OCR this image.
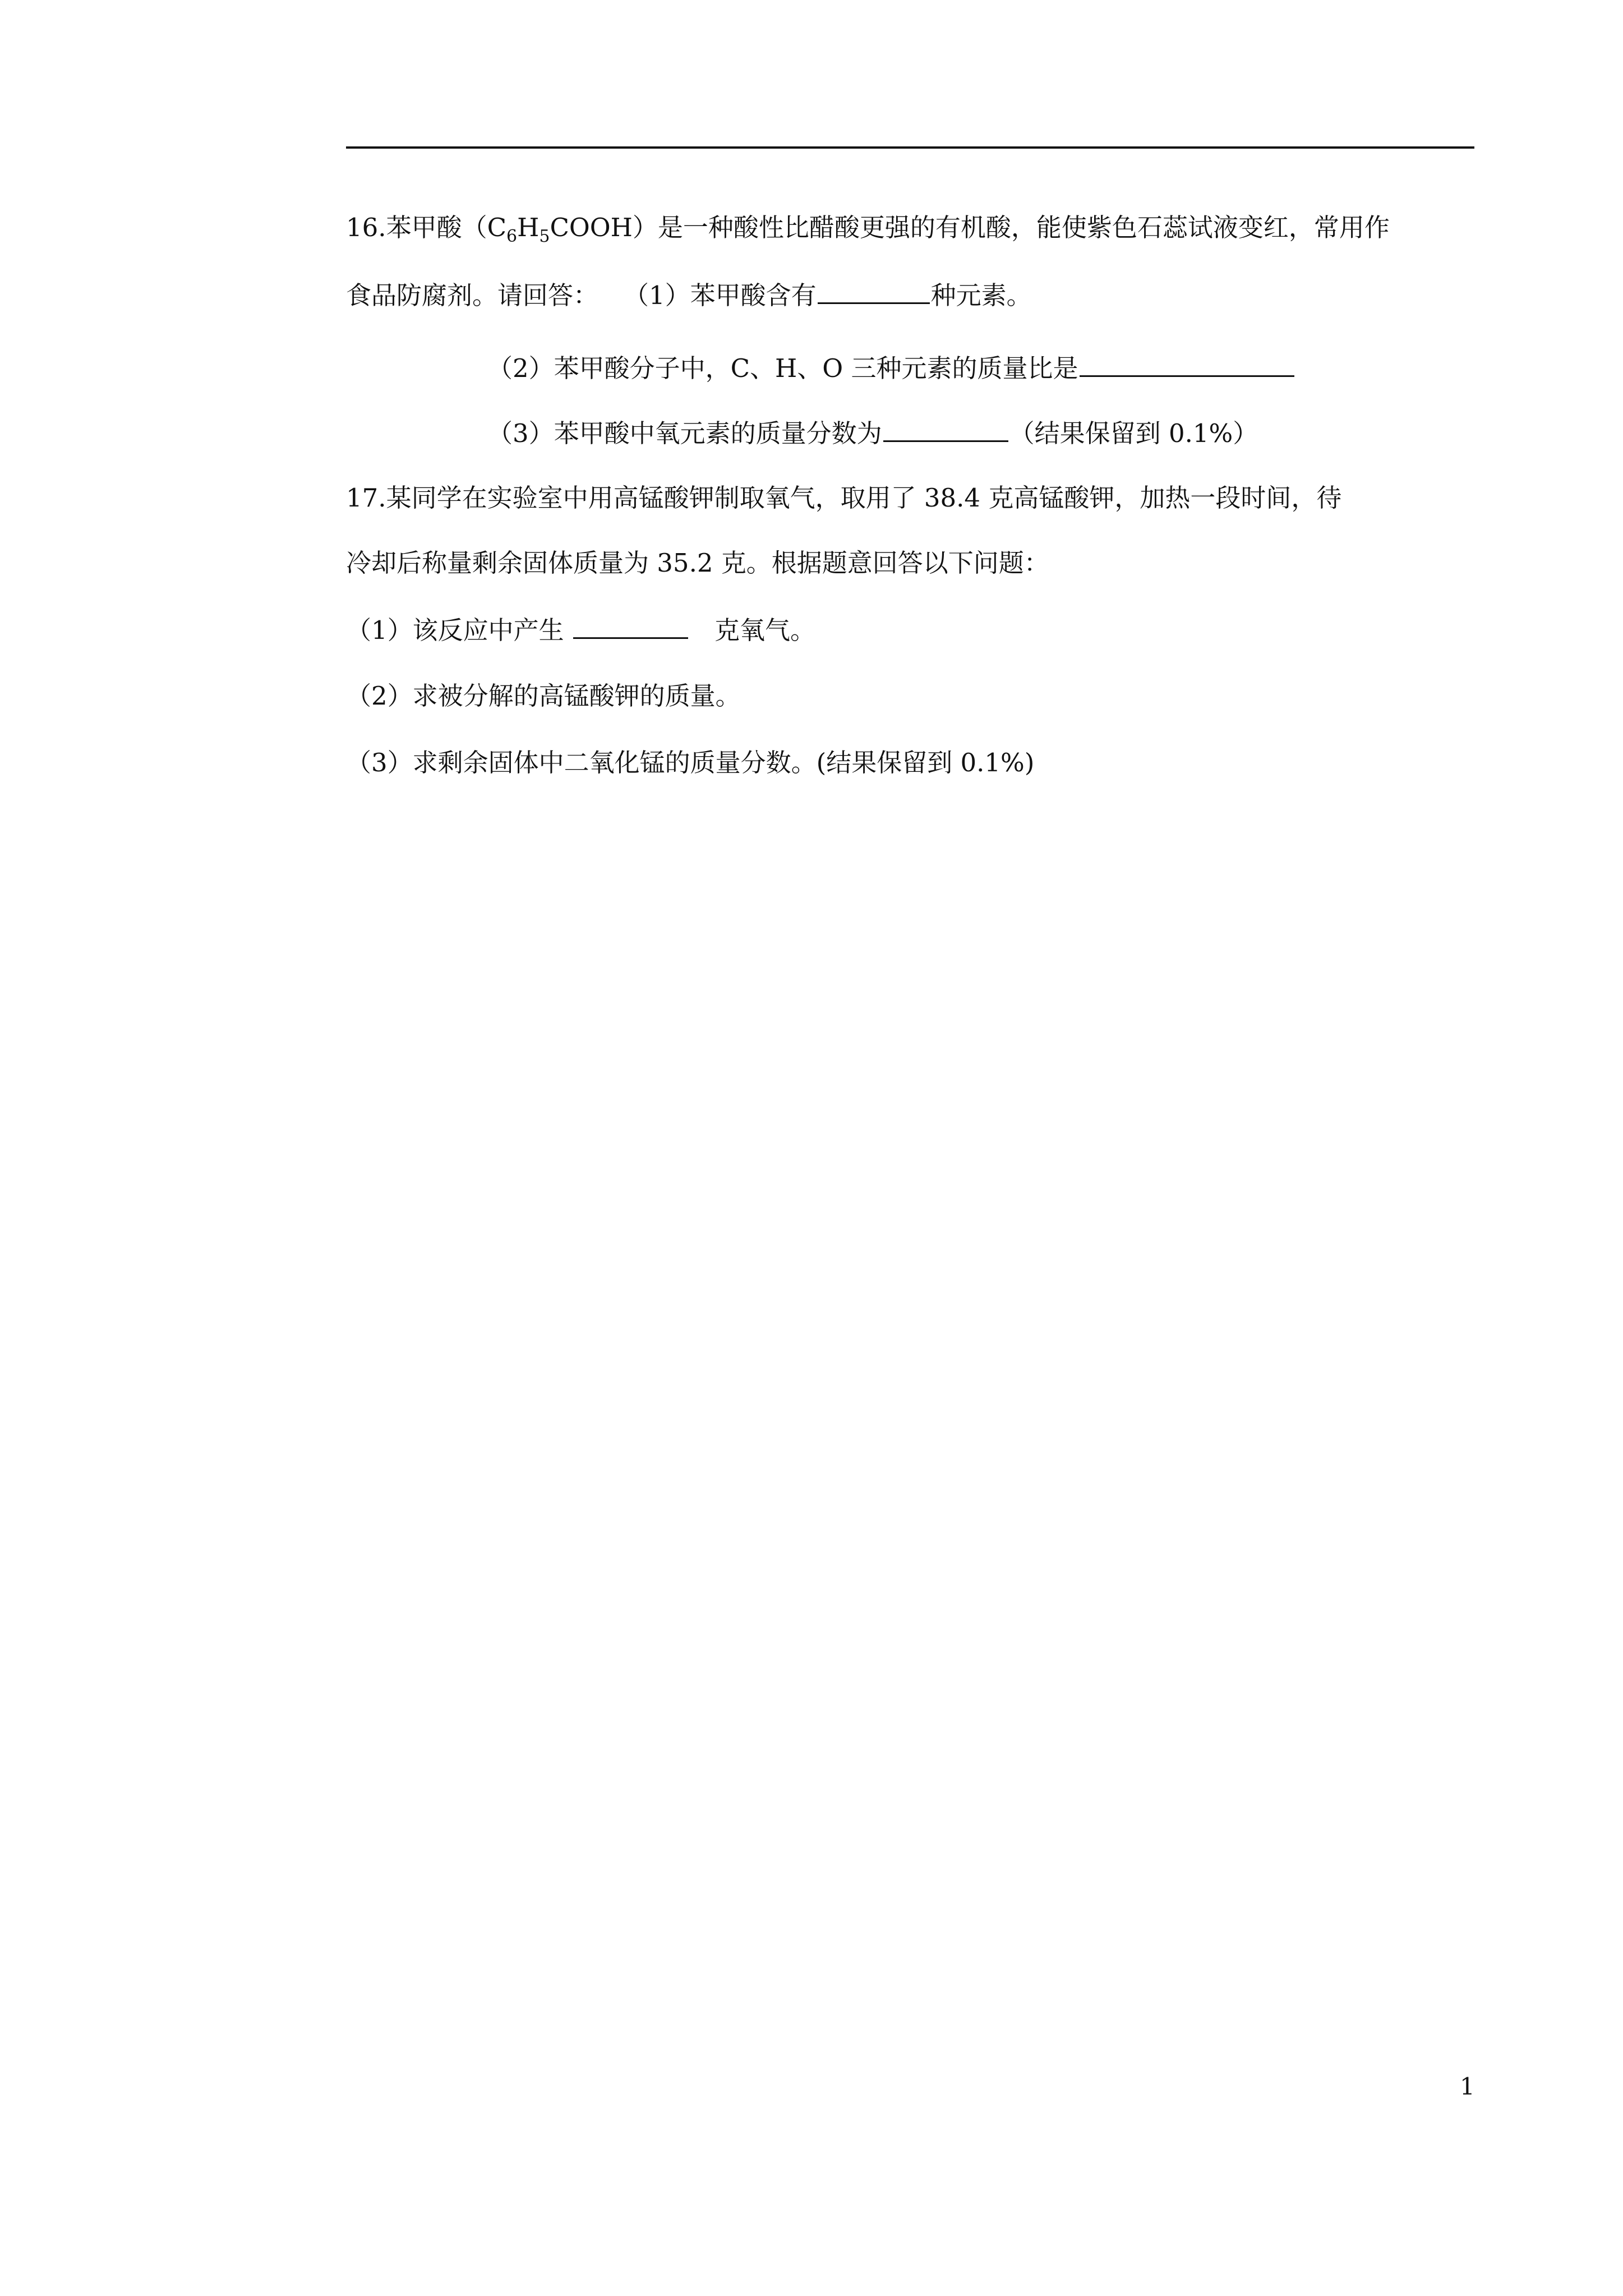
16.苯甲酸$(C_6H_5COOH)$是一种酸性比醋酸更强的有机酸，能使紫色石蕊试液变红，常用作
食品防腐剂。请回答：　　（1）苯甲酸含有	种元素。
（2）苯甲酸分子中，C、H、O 三种元素的质量比是
（3）苯甲酸中氧元素的质量分数为	（结果保留到 0.1%）
17.某同学在实验室中用高锰酸钾制取氧气，取用了 38.4 克高锰酸钾，加热一段时间，待
冷却后称量剩余固体质量为 35.2 克。根据题意回答以下问题：
（1）该反应中产生	　克氧气。
（2）求被分解的高锰酸钾的质量。
（3）求剩余固体中二氧化锰的质量分数。(结果保留到 0.1%)
1
